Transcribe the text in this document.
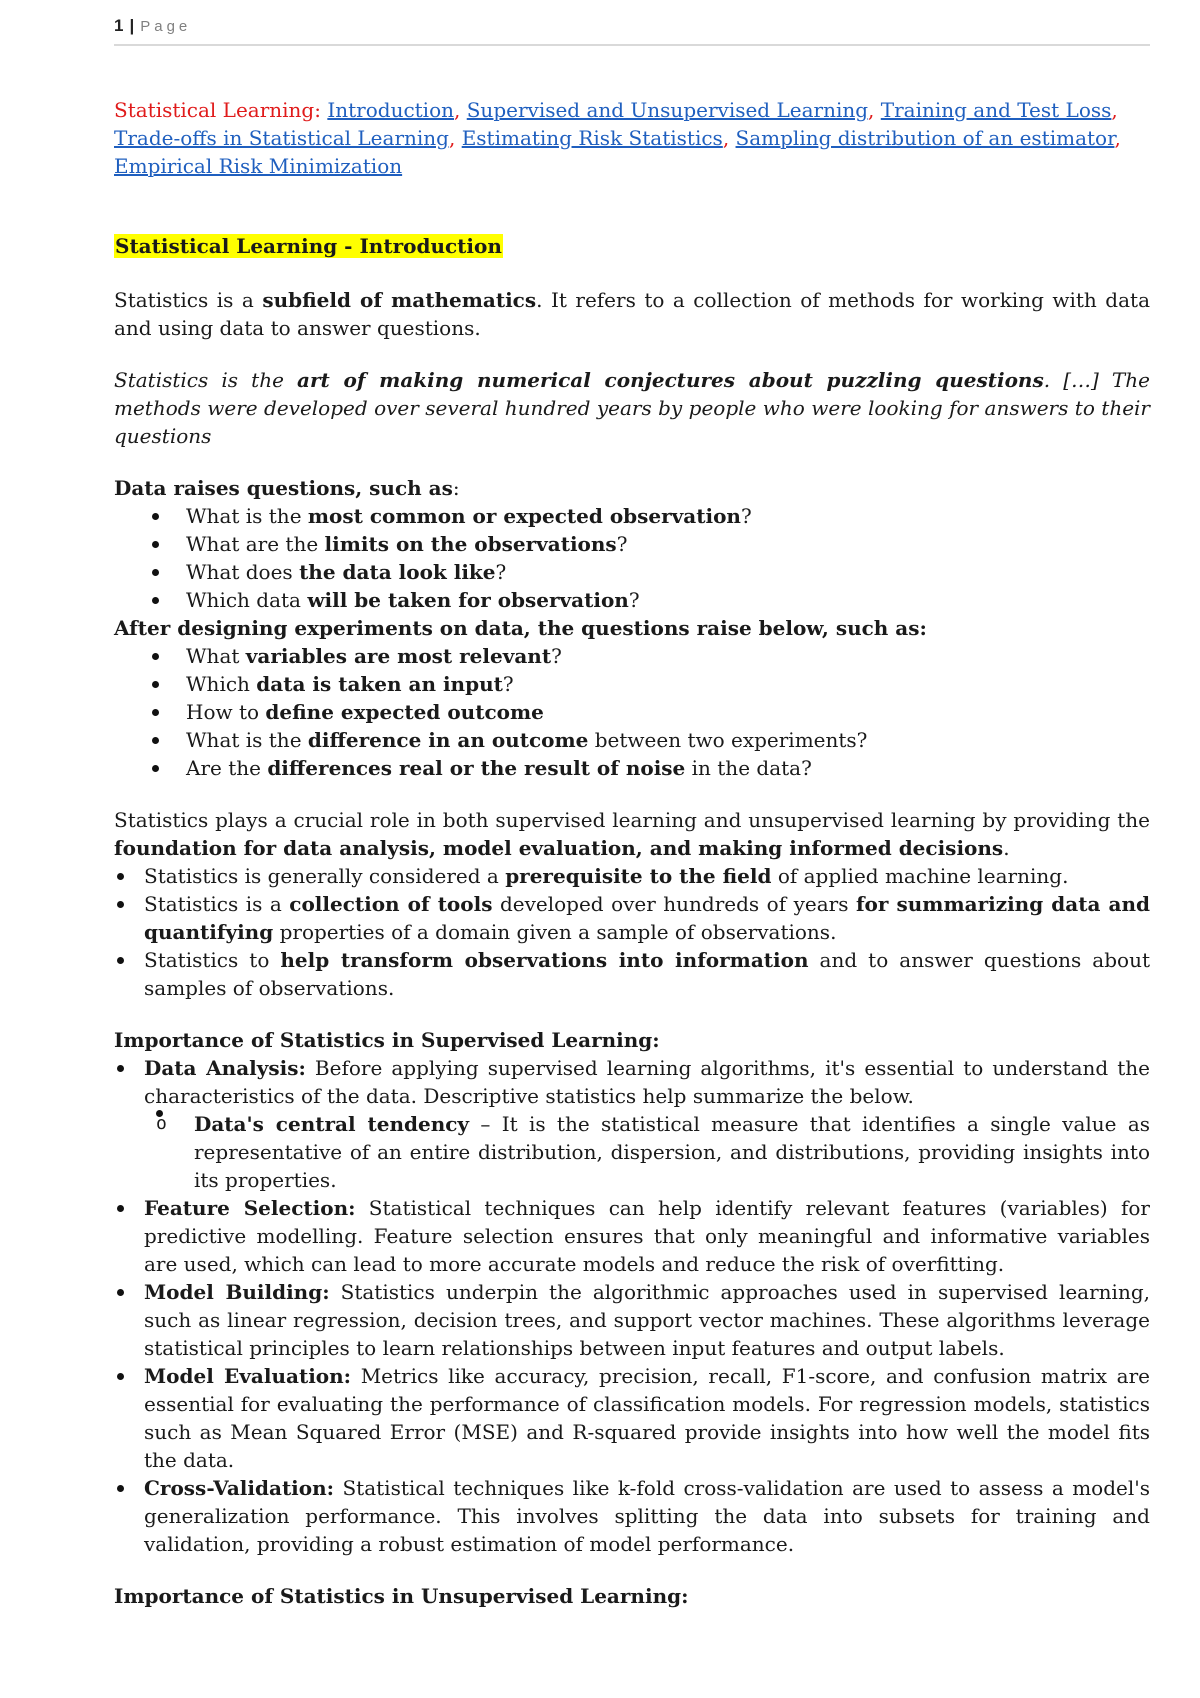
1 | Page

Statistical Learning: Introduction, Supervised and Unsupervised Learning, Training and Test Loss,
Trade-offs in Statistical Learning, Estimating Risk Statistics, Sampling distribution of an estimator,
Empirical Risk Minimization

Statistical Learning - Introduction

Statistics is a subfield of mathematics. It refers to a collection of methods for working with data and using data to answer questions.

Statistics is the art of making numerical conjectures about puzzling questions. […] The methods were developed over several hundred years by people who were looking for answers to their questions

Data raises questions, such as:

What is the most common or expected observation?
What are the limits on the observations?
What does the data look like?
Which data will be taken for observation?

After designing experiments on data, the questions raise below, such as:

What variables are most relevant?
Which data is taken an input?
How to define expected outcome
What is the difference in an outcome between two experiments?
Are the differences real or the result of noise in the data?

Statistics plays a crucial role in both supervised learning and unsupervised learning by providing the foundation for data analysis, model evaluation, and making informed decisions.

Statistics is generally considered a prerequisite to the field of applied machine learning.
Statistics is a collection of tools developed over hundreds of years for summarizing data and quantifying properties of a domain given a sample of observations.
Statistics to help transform observations into information and to answer questions about samples of observations.

Importance of Statistics in Supervised Learning:

Data Analysis: Before applying supervised learning algorithms, it's essential to understand the characteristics of the data. Descriptive statistics help summarize the below.
o Data's central tendency – It is the statistical measure that identifies a single value as representative of an entire distribution, dispersion, and distributions, providing insights into its properties.
Feature Selection: Statistical techniques can help identify relevant features (variables) for predictive modelling. Feature selection ensures that only meaningful and informative variables are used, which can lead to more accurate models and reduce the risk of overfitting.
Model Building: Statistics underpin the algorithmic approaches used in supervised learning, such as linear regression, decision trees, and support vector machines. These algorithms leverage statistical principles to learn relationships between input features and output labels.
Model Evaluation: Metrics like accuracy, precision, recall, F1-score, and confusion matrix are essential for evaluating the performance of classification models. For regression models, statistics such as Mean Squared Error (MSE) and R-squared provide insights into how well the model fits the data.
Cross-Validation: Statistical techniques like k-fold cross-validation are used to assess a model's generalization performance. This involves splitting the data into subsets for training and validation, providing a robust estimation of model performance.

Importance of Statistics in Unsupervised Learning:
